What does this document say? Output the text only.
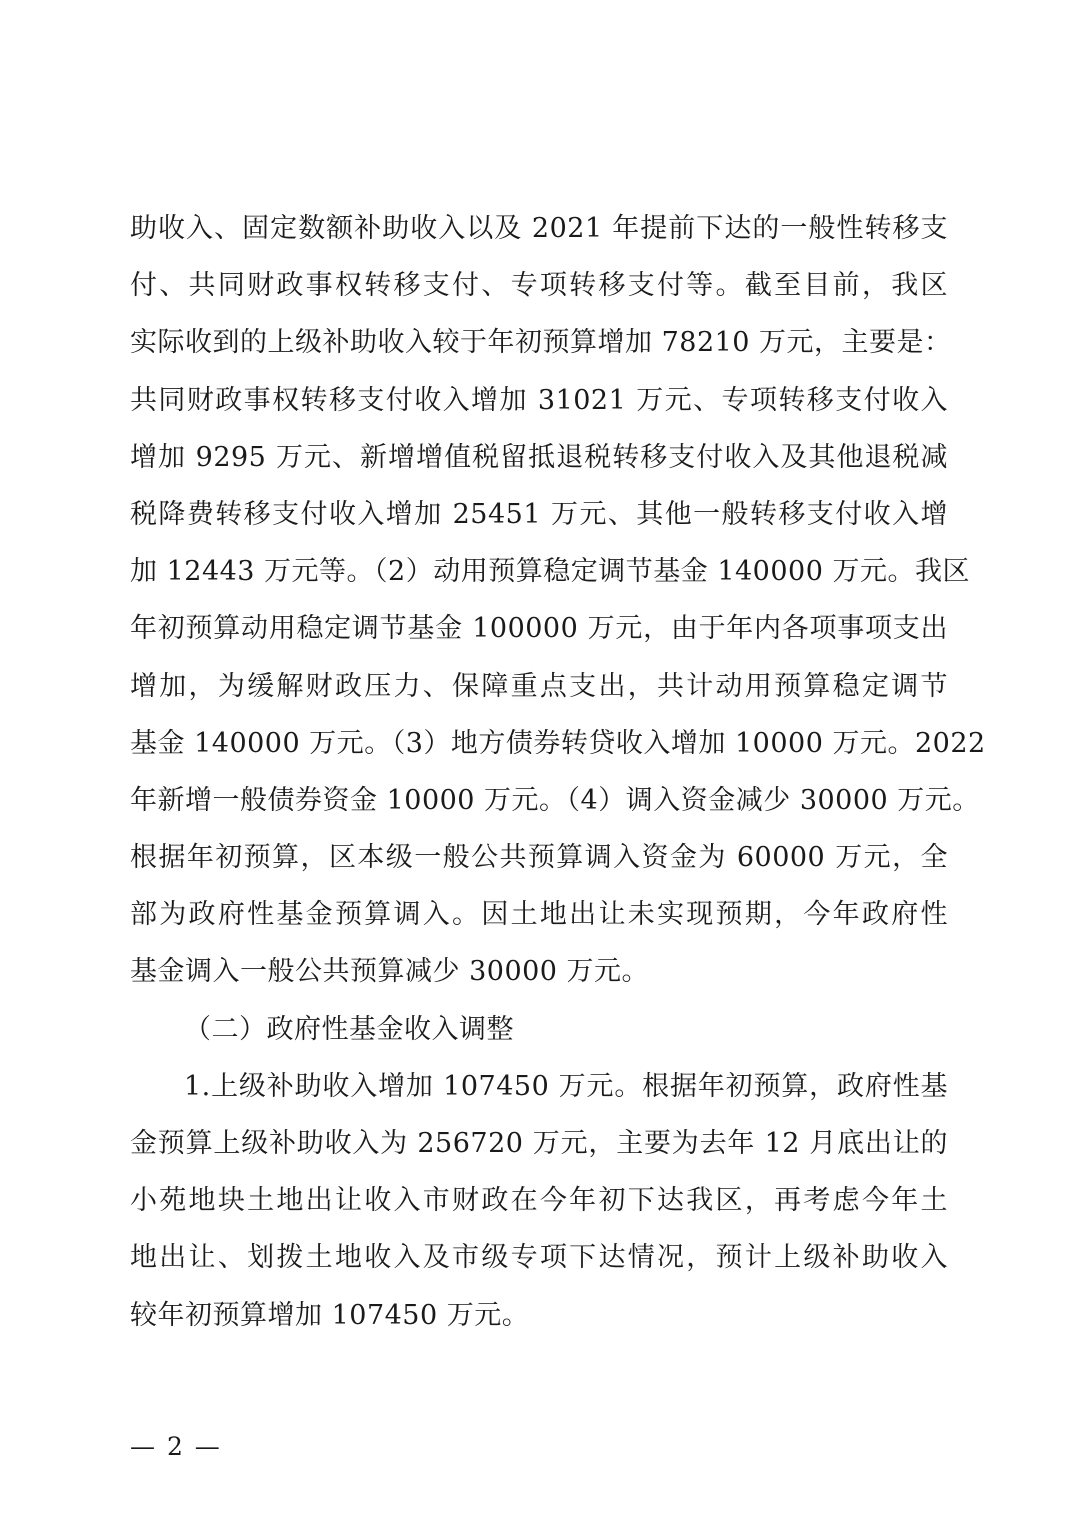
助收入、固定数额补助收入以及 2021 年提前下达的一般性转移支
付、共同财政事权转移支付、专项转移支付等。截至目前，我区
实际收到的上级补助收入较于年初预算增加 78210 万元，主要是：
共同财政事权转移支付收入增加 31021 万元、专项转移支付收入
增加 9295 万元、新增增值税留抵退税转移支付收入及其他退税减
税降费转移支付收入增加 25451 万元、其他一般转移支付收入增
加 12443 万元等。（2）动用预算稳定调节基金 140000 万元。我区
年初预算动用稳定调节基金 100000 万元，由于年内各项事项支出
增加，为缓解财政压力、保障重点支出，共计动用预算稳定调节
基金 140000 万元。（3）地方债券转贷收入增加 10000 万元。2022
年新增一般债券资金 10000 万元。（4）调入资金减少 30000 万元。
根据年初预算，区本级一般公共预算调入资金为 60000 万元，全
部为政府性基金预算调入。因土地出让未实现预期，今年政府性
基金调入一般公共预算减少 30000 万元。
（二）政府性基金收入调整
1.上级补助收入增加 107450 万元。根据年初预算，政府性基
金预算上级补助收入为 256720 万元，主要为去年 12 月底出让的
小苑地块土地出让收入市财政在今年初下达我区，再考虑今年土
地出让、划拨土地收入及市级专项下达情况，预计上级补助收入
较年初预算增加 107450 万元。
— 2 —
